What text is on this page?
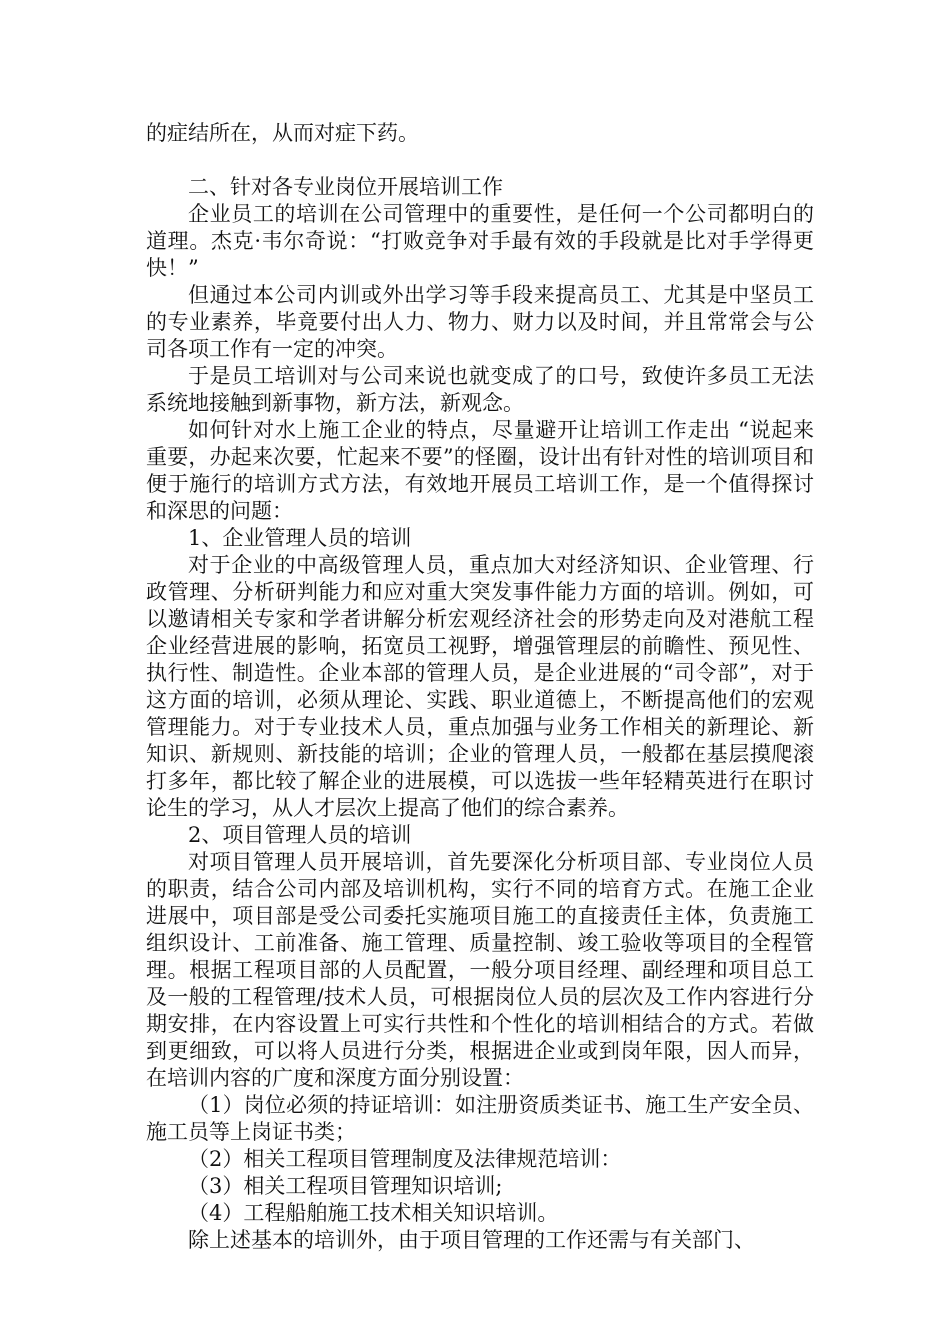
的症结所在，从而对症下药。

二、针对各专业岗位开展培训工作

企业员工的培训在公司管理中的重要性，是任何一个公司都明白的道理。杰克·韦尔奇说：“打败竞争对手最有效的手段就是比对手学得更快！”

但通过本公司内训或外出学习等手段来提高员工、尤其是中坚员工的专业素养，毕竟要付出人力、物力、财力以及时间，并且常常会与公司各项工作有一定的冲突。

于是员工培训对与公司来说也就变成了的口号，致使许多员工无法系统地接触到新事物，新方法，新观念。

如何针对水上施工企业的特点，尽量避开让培训工作走出 “说起来重要，办起来次要，忙起来不要”的怪圈，设计出有针对性的培训项目和便于施行的培训方式方法，有效地开展员工培训工作，是一个值得探讨和深思的问题：

1、企业管理人员的培训

对于企业的中高级管理人员，重点加大对经济知识、企业管理、行政管理、分析研判能力和应对重大突发事件能力方面的培训。例如，可以邀请相关专家和学者讲解分析宏观经济社会的形势走向及对港航工程企业经营进展的影响，拓宽员工视野，增强管理层的前瞻性、预见性、执行性、制造性。企业本部的管理人员，是企业进展的“司令部”，对于这方面的培训，必须从理论、实践、职业道德上，不断提高他们的宏观管理能力。对于专业技术人员，重点加强与业务工作相关的新理论、新知识、新规则、新技能的培训；企业的管理人员，一般都在基层摸爬滚打多年，都比较了解企业的进展模，可以选拔一些年轻精英进行在职讨论生的学习，从人才层次上提高了他们的综合素养。

2、项目管理人员的培训

对项目管理人员开展培训，首先要深化分析项目部、专业岗位人员的职责，结合公司内部及培训机构，实行不同的培育方式。在施工企业进展中，项目部是受公司委托实施项目施工的直接责任主体，负责施工组织设计、工前准备、施工管理、质量控制、竣工验收等项目的全程管理。根据工程项目部的人员配置，一般分项目经理、副经理和项目总工及一般的工程管理/技术人员，可根据岗位人员的层次及工作内容进行分期安排，在内容设置上可实行共性和个性化的培训相结合的方式。若做到更细致，可以将人员进行分类，根据进企业或到岗年限，因人而异，在培训内容的广度和深度方面分别设置：

（1）岗位必须的持证培训：如注册资质类证书、施工生产安全员、施工员等上岗证书类；

（2）相关工程项目管理制度及法律规范培训：

（3）相关工程项目管理知识培训;

（4）工程船舶施工技术相关知识培训。

除上述基本的培训外，由于项目管理的工作还需与有关部门、
